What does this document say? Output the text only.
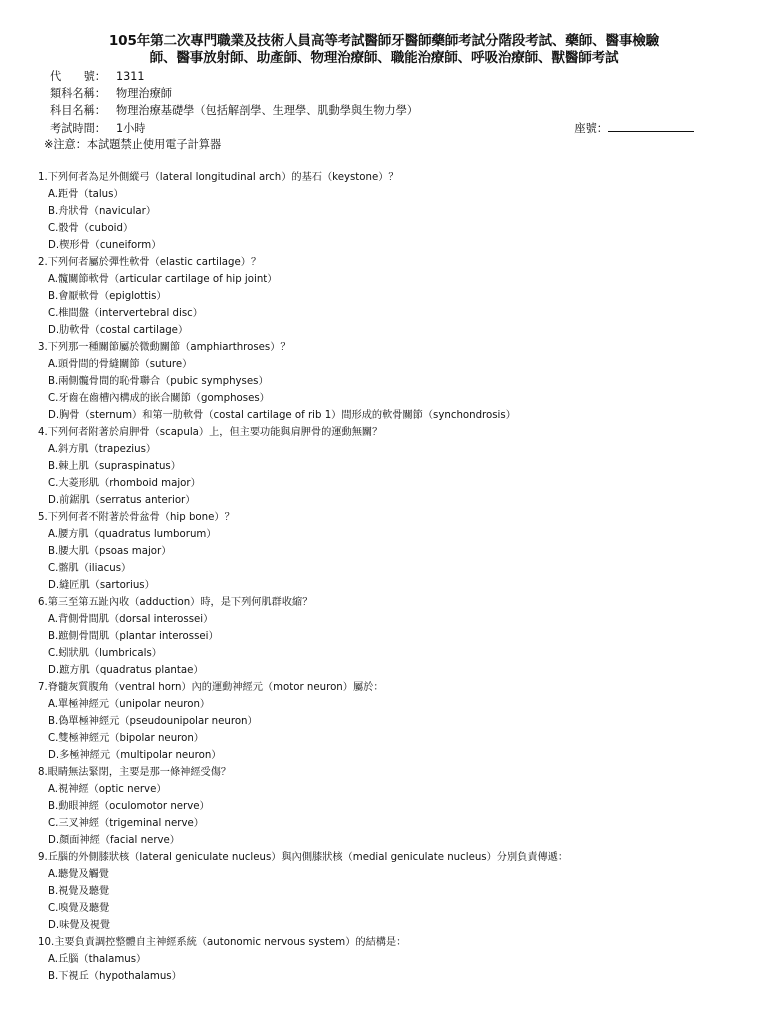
105年第二次專門職業及技術人員高等考試醫師牙醫師藥師考試分階段考試、藥師、醫事檢驗
師、醫事放射師、助產師、物理治療師、職能治療師、呼吸治療師、獸醫師考試
代　　號： 1311
類科名稱： 物理治療師
科目名稱： 物理治療基礎學（包括解剖學、生理學、肌動學與生物力學）
考試時間： 1小時	座號：
※注意：本試題禁止使用電子計算器
1.下列何者為足外側縱弓（lateral longitudinal arch）的基石（keystone）？
A.距骨（talus）
B.舟狀骨（navicular）
C.骰骨（cuboid）
D.楔形骨（cuneiform）
2.下列何者屬於彈性軟骨（elastic cartilage）？
A.髖關節軟骨（articular cartilage of hip joint）
B.會厭軟骨（epiglottis）
C.椎間盤（intervertebral disc）
D.肋軟骨（costal cartilage）
3.下列那一種關節屬於微動關節（amphiarthroses）？
A.頭骨間的骨縫關節（suture）
B.兩側髖骨間的恥骨聯合（pubic symphyses）
C.牙齒在齒槽內構成的嵌合關節（gomphoses）
D.胸骨（sternum）和第一肋軟骨（costal cartilage of rib 1）間形成的軟骨關節（synchondrosis）
4.下列何者附著於肩胛骨（scapula）上，但主要功能與肩胛骨的運動無關？
A.斜方肌（trapezius）
B.棘上肌（supraspinatus）
C.大菱形肌（rhomboid major）
D.前鋸肌（serratus anterior）
5.下列何者不附著於骨盆骨（hip bone）？
A.腰方肌（quadratus lumborum）
B.腰大肌（psoas major）
C.髂肌（iliacus）
D.縫匠肌（sartorius）
6.第三至第五趾內收（adduction）時，是下列何肌群收縮？
A.背側骨間肌（dorsal interossei）
B.蹠側骨間肌（plantar interossei）
C.蚓狀肌（lumbricals）
D.蹠方肌（quadratus plantae）
7.脊髓灰質腹角（ventral horn）內的運動神經元（motor neuron）屬於：
A.單極神經元（unipolar neuron）
B.偽單極神經元（pseudounipolar neuron）
C.雙極神經元（bipolar neuron）
D.多極神經元（multipolar neuron）
8.眼睛無法緊閉，主要是那一條神經受傷？
A.視神經（optic nerve）
B.動眼神經（oculomotor nerve）
C.三叉神經（trigeminal nerve）
D.顏面神經（facial nerve）
9.丘腦的外側膝狀核（lateral geniculate nucleus）與內側膝狀核（medial geniculate nucleus）分別負責傳遞：
A.聽覺及觸覺
B.視覺及聽覺
C.嗅覺及聽覺
D.味覺及視覺
10.主要負責調控整體自主神經系統（autonomic nervous system）的結構是：
A.丘腦（thalamus）
B.下視丘（hypothalamus）
